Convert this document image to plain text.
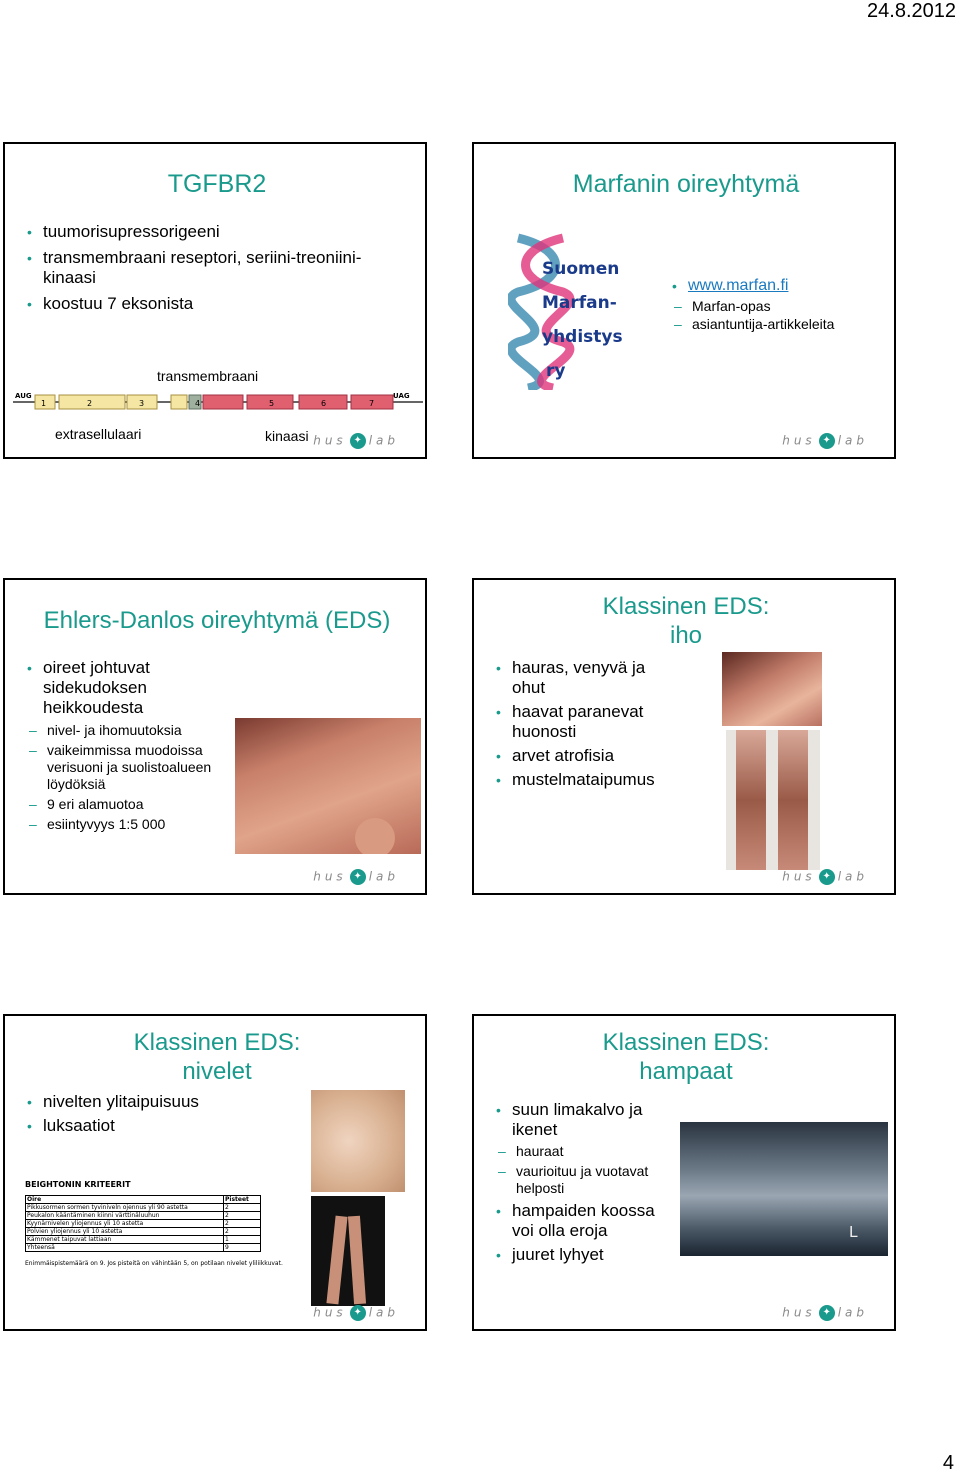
24.8.2012
TGFBR2
• tuumorisupressorigeeni
• transmembraani reseptori, seriini-treoniini-kinaasi
• koostuu 7 eksonista
transmembraani
AUG	UAG
1	2	3	4	5	6	7
extrasellulaari	kinaasi hus ✦ lab
Marfanin oireyhtymä
Suomen
Marfan-
yhdistys
ry
• www.marfan.fi
– Marfan-opas
– asiantuntija-artikkeleita
hus ✦ lab
Ehlers-Danlos oireyhtymä (EDS)
• oireet johtuvat sidekudoksen heikkoudesta
– nivel- ja ihomuutoksia
– vaikeimmissa muodoissa verisuoni ja suolistoalueen löydöksiä
– 9 eri alamuotoa
– esiintyvyys 1:5 000
hus ✦ lab
Klassinen EDS:
iho
• hauras, venyvä ja ohut
• haavat paranevat huonosti
• arvet atrofisia
• mustelmataipumus
hus ✦ lab
Klassinen EDS:
nivelet
• nivelten ylitaipuisuus
• luksaatiot
BEIGHTONIN KRITEERIT
Oire	Pisteet
Pikkusormen sormen tyviniveln ojennus yli 90 astetta	2
Peukalon kääntäminen kiinni värttinäluuhun	2
Kyynärnivelen yliojennus yli 10 astetta	2
Polvien yliojennus yli 10 astetta	2
Kämmenet taipuvat lattiaan	1
Yhteensä	9
Enimmäispistemäärä on 9. Jos pisteitä on vähintään 5, on potilaan nivelet yliliikkuvat.
hus ✦ lab
Klassinen EDS:
hampaat
• suun limakalvo ja ikenet
– hauraat
– vaurioituu ja vuotavat helposti
• hampaiden koossa voi olla eroja
• juuret lyhyet
L
hus ✦ lab
4
